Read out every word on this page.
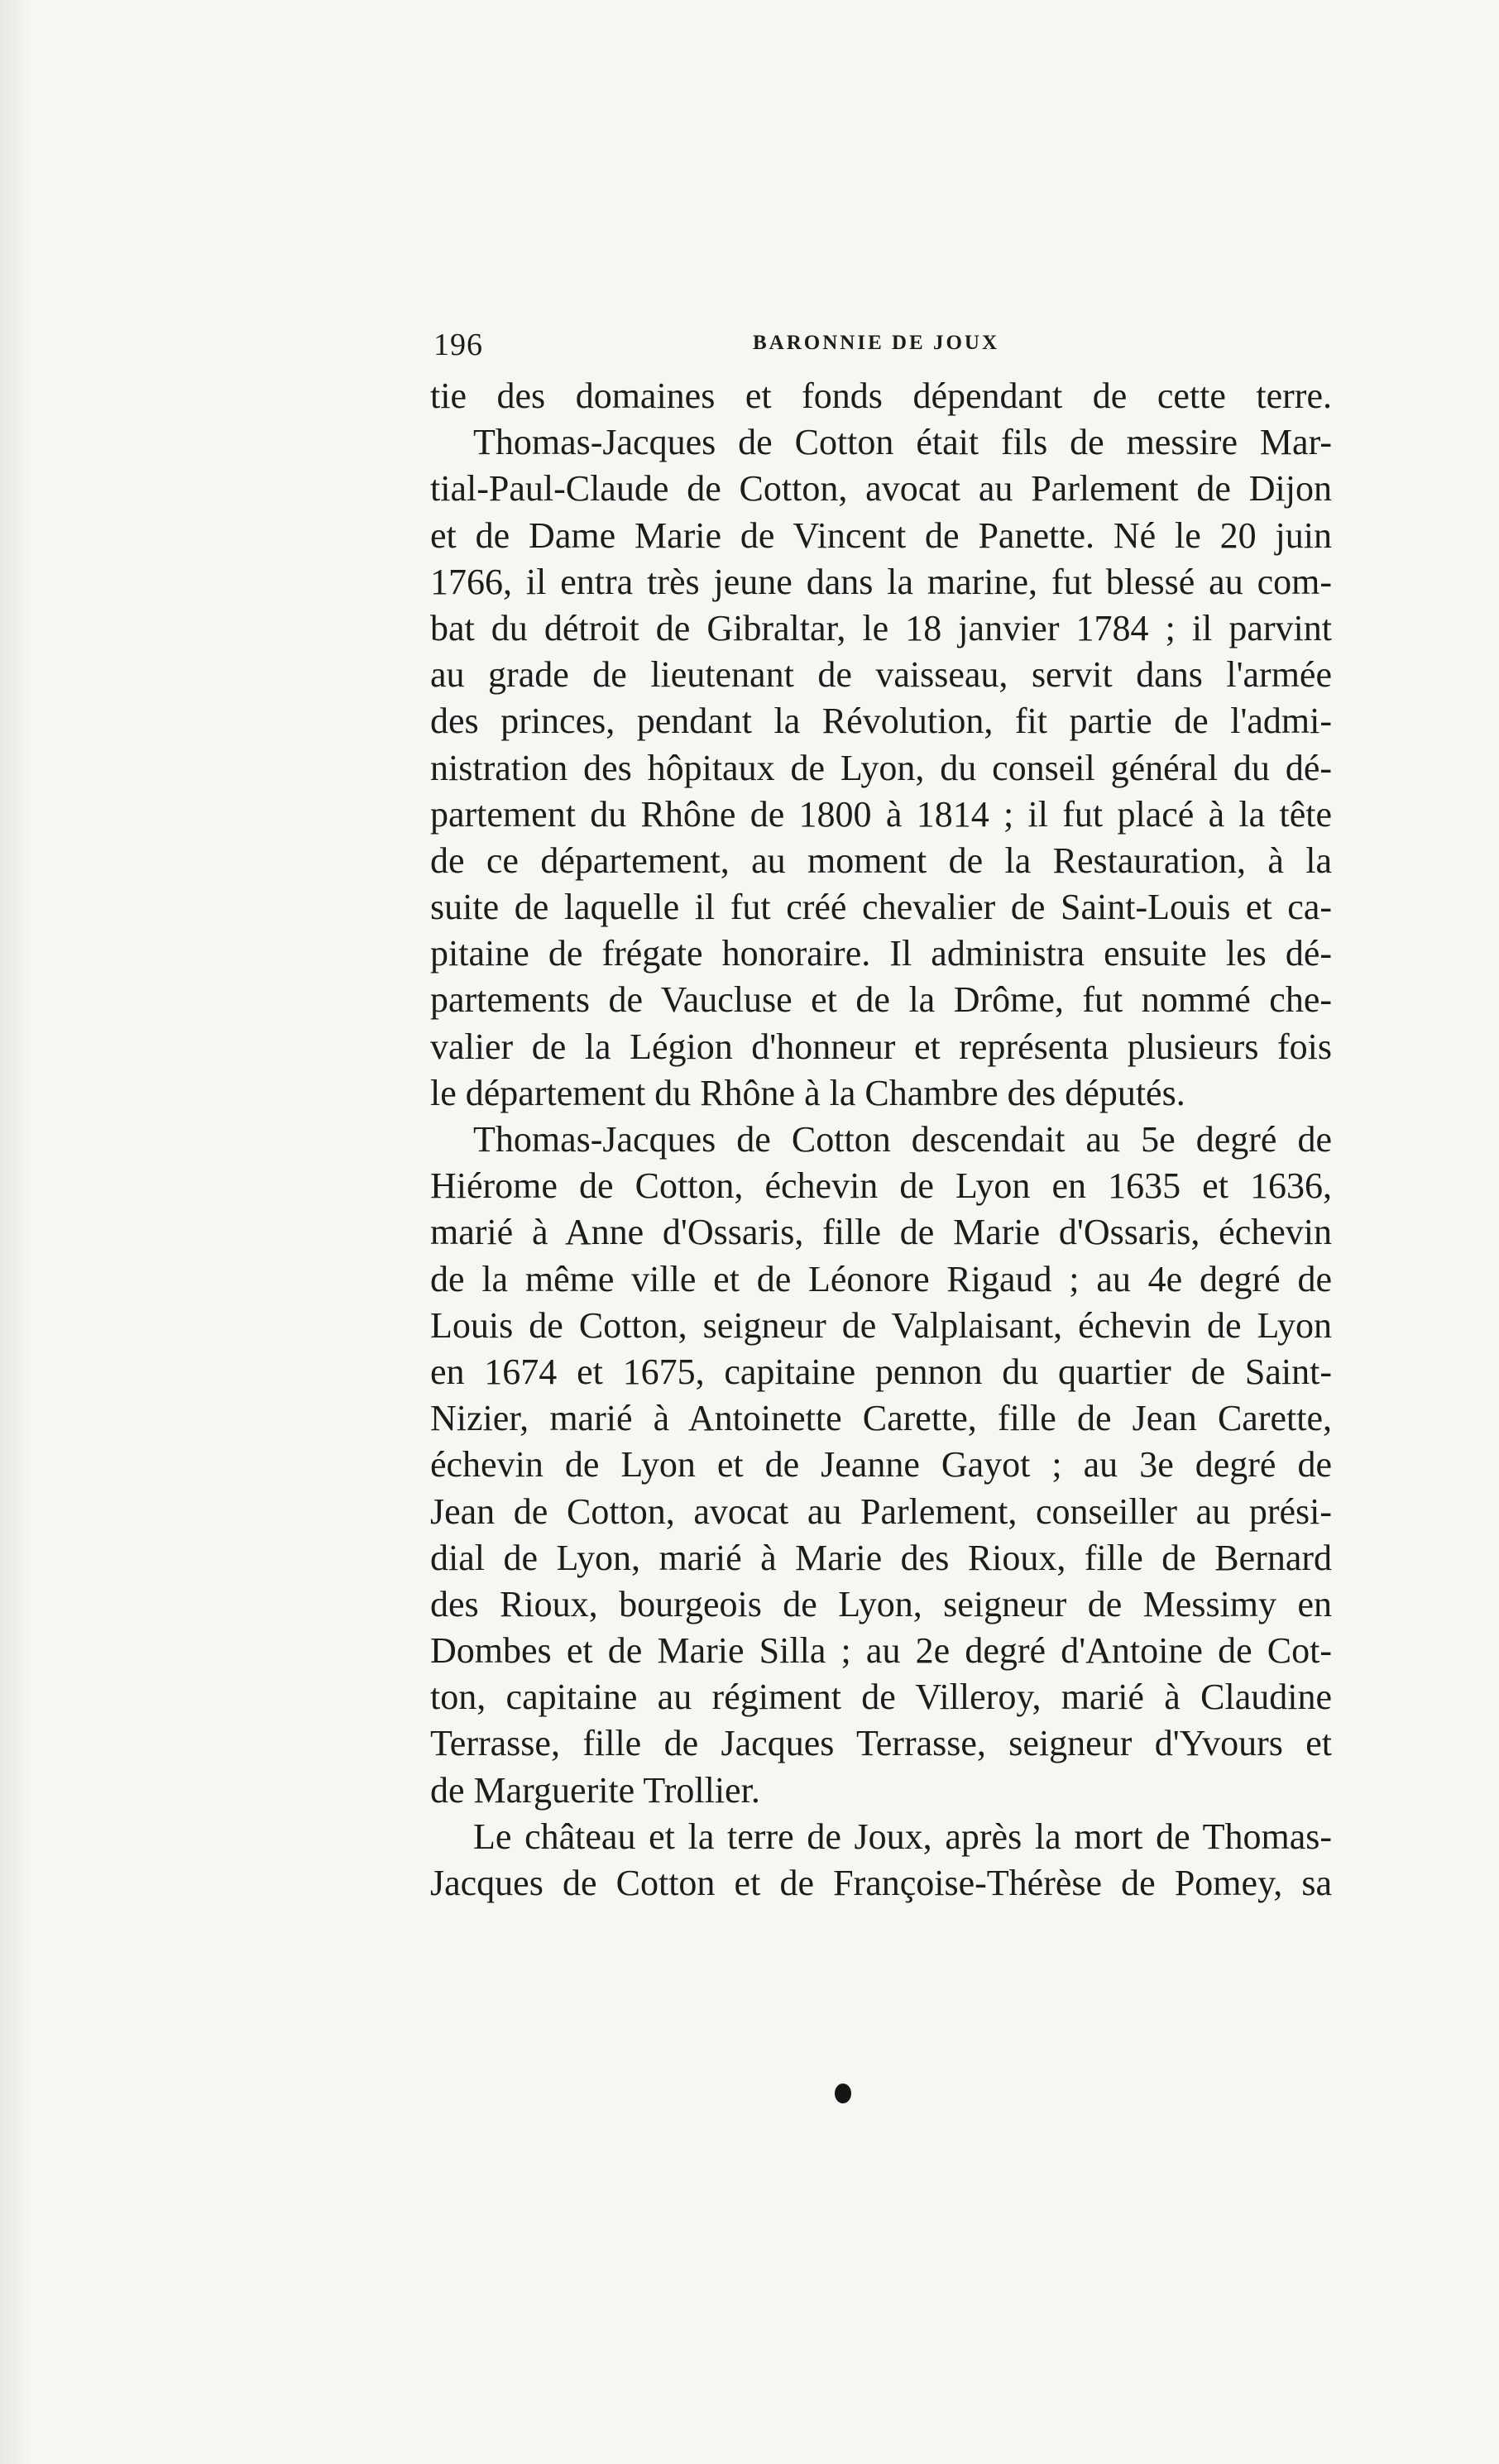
196	BARONNIE DE JOUX
tie des domaines et fonds dépendant de cette terre.
Thomas-Jacques de Cotton était fils de messire Mar-
tial-Paul-Claude de Cotton, avocat au Parlement de Dijon
et de Dame Marie de Vincent de Panette. Né le 20 juin
1766, il entra très jeune dans la marine, fut blessé au com-
bat du détroit de Gibraltar, le 18 janvier 1784 ; il parvint
au grade de lieutenant de vaisseau, servit dans l'armée
des princes, pendant la Révolution, fit partie de l'admi-
nistration des hôpitaux de Lyon, du conseil général du dé-
partement du Rhône de 1800 à 1814 ; il fut placé à la tête
de ce département, au moment de la Restauration, à la
suite de laquelle il fut créé chevalier de Saint-Louis et ca-
pitaine de frégate honoraire. Il administra ensuite les dé-
partements de Vaucluse et de la Drôme, fut nommé che-
valier de la Légion d'honneur et représenta plusieurs fois
le département du Rhône à la Chambre des députés.
Thomas-Jacques de Cotton descendait au 5e degré de
Hiérome de Cotton, échevin de Lyon en 1635 et 1636,
marié à Anne d'Ossaris, fille de Marie d'Ossaris, échevin
de la même ville et de Léonore Rigaud ; au 4e degré de
Louis de Cotton, seigneur de Valplaisant, échevin de Lyon
en 1674 et 1675, capitaine pennon du quartier de Saint-
Nizier, marié à Antoinette Carette, fille de Jean Carette,
échevin de Lyon et de Jeanne Gayot ; au 3e degré de
Jean de Cotton, avocat au Parlement, conseiller au prési-
dial de Lyon, marié à Marie des Rioux, fille de Bernard
des Rioux, bourgeois de Lyon, seigneur de Messimy en
Dombes et de Marie Silla ; au 2e degré d'Antoine de Cot-
ton, capitaine au régiment de Villeroy, marié à Claudine
Terrasse, fille de Jacques Terrasse, seigneur d'Yvours et
de Marguerite Trollier.
Le château et la terre de Joux, après la mort de Thomas-
Jacques de Cotton et de Françoise-Thérèse de Pomey, sa
